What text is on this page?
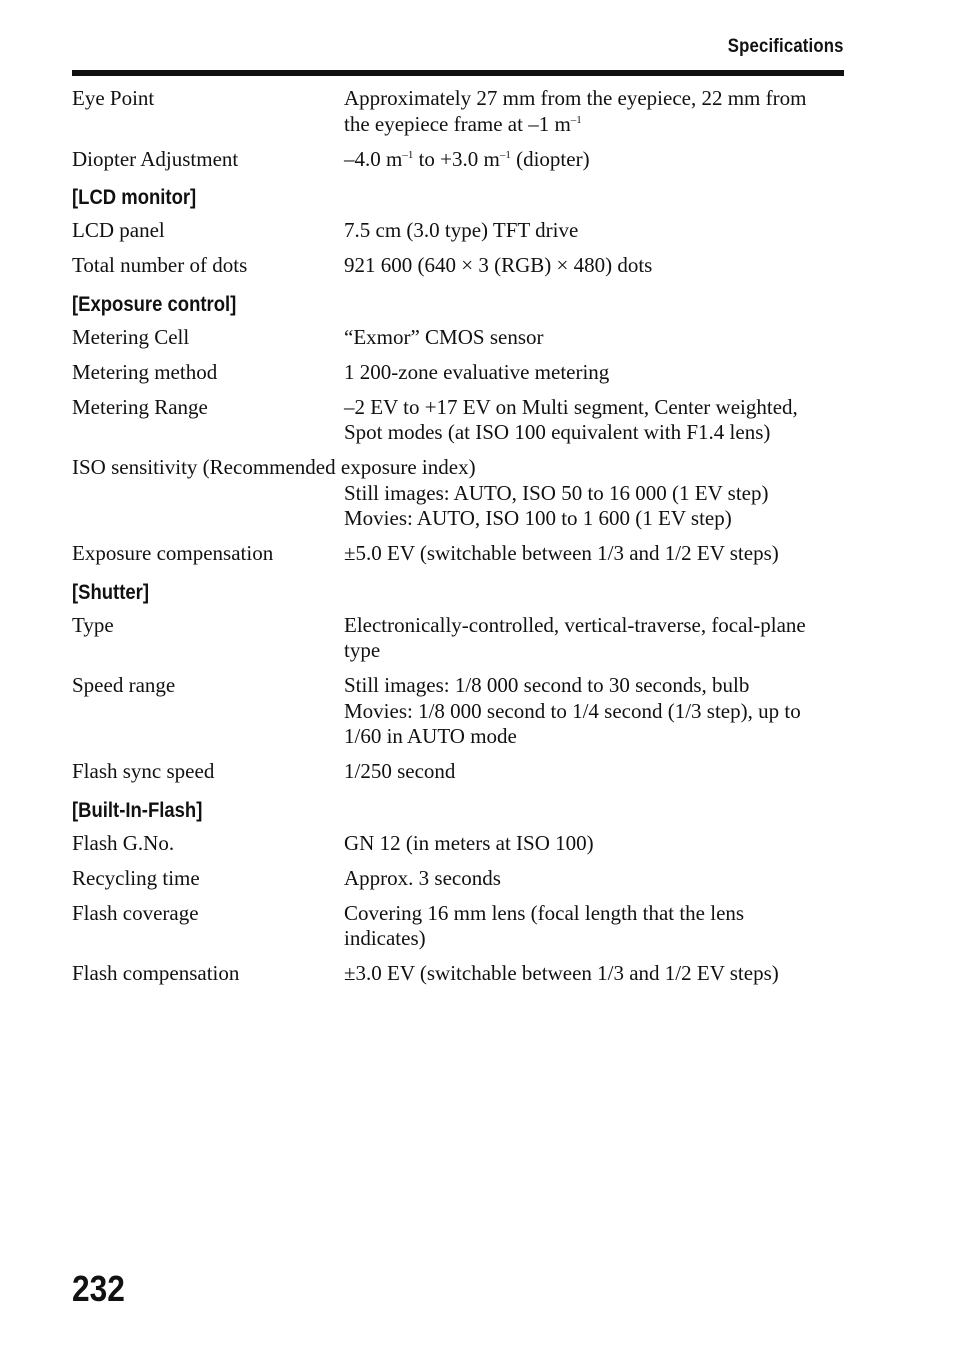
Specifications
Eye Point	Approximately 27 mm from the eyepiece, 22 mm from
the eyepiece frame at –1 $m^{-1}$
Diopter Adjustment	–4.0 $m^{-1}$ to +3.0 $m^{-1}$ (diopter)
[LCD monitor]
LCD panel	7.5 cm (3.0 type) TFT drive
Total number of dots	921 600 (640 × 3 (RGB) × 480) dots
[Exposure control]
Metering Cell	“Exmor” CMOS sensor
Metering method	1 200-zone evaluative metering
Metering Range	–2 EV to +17 EV on Multi segment, Center weighted,
Spot modes (at ISO 100 equivalent with F1.4 lens)
ISO sensitivity (Recommended exposure index)
Still images: AUTO, ISO 50 to 16 000 (1 EV step)
Movies: AUTO, ISO 100 to 1 600 (1 EV step)
Exposure compensation	±5.0 EV (switchable between 1/3 and 1/2 EV steps)
[Shutter]
Type	Electronically-controlled, vertical-traverse, focal-plane
type
Speed range	Still images: 1/8 000 second to 30 seconds, bulb
Movies: 1/8 000 second to 1/4 second (1/3 step), up to
1/60 in AUTO mode
Flash sync speed	1/250 second
[Built-In-Flash]
Flash G.No.	GN 12 (in meters at ISO 100)
Recycling time	Approx. 3 seconds
Flash coverage	Covering 16 mm lens (focal length that the lens
indicates)
Flash compensation	±3.0 EV (switchable between 1/3 and 1/2 EV steps)
232
